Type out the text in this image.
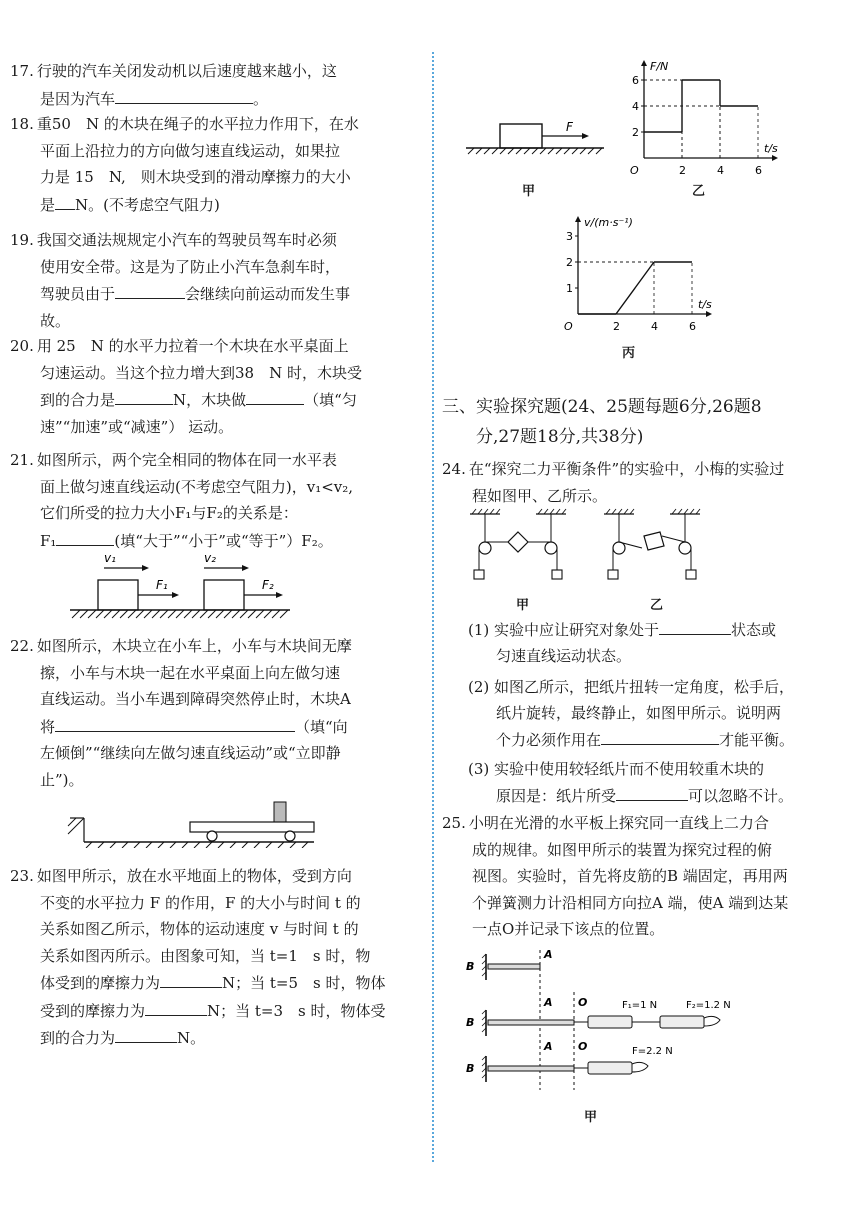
17. 行驶的汽车关闭发动机以后速度越来越小，这
是因为汽车	。
18. 重50　N 的木块在绳子的水平拉力作用下，在水
平面上沿拉力的方向做匀速直线运动，如果拉
力是 15　N,　则木块受到的滑动摩擦力的大小
是 N。(不考虑空气阻力)
19. 我国交通法规规定小汽车的驾驶员驾车时必须
使用安全带。这是为了防止小汽车急刹车时，
驾驶员由于	会继续向前运动而发生事
故。
20. 用 25　N 的水平力拉着一个木块在水平桌面上
匀速运动。当这个拉力增大到38　N 时，木块受
到的合力是	N，木块做	（填“匀
速”“加速”或“减速”） 运动。
21. 如图所示，两个完全相同的物体在同一水平表
面上做匀速直线运动(不考虑空气阻力)，v₁<v₂,
它们所受的拉力大小F₁与F₂的关系是：
F₁	(填“大于”“小于”或“等于”）F₂。
v₁
F₁
v₂
F₂
22. 如图所示，木块立在小车上，小车与木块间无摩
擦，小车与木块一起在水平桌面上向左做匀速
直线运动。当小车遇到障碍突然停止时，木块A
将	（填“向
左倾倒”“继续向左做匀速直线运动”或“立即静
止”)。
23. 如图甲所示，放在水平地面上的物体，受到方向
不变的水平拉力 F 的作用，F 的大小与时间 t 的
关系如图乙所示，物体的运动速度 v 与时间 t 的
关系如图丙所示。由图象可知，当 t=1　s 时，物
体受到的摩擦力为	N；当 t=5　s 时，物体
受到的摩擦力为	N；当 t=3　s 时，物体受
到的合力为	N。
F
甲
F/N
t/s
O	2	4	6
2
4
6
乙
v/(m·s⁻¹)
t/s
O	2	4	6
1
2
3
丙
三、实验探究题(24、25题每题6分,26题8
分,27题18分,共38分)
24. 在“探究二力平衡条件”的实验中，小梅的实验过
程如图甲、乙所示。
甲	乙
(1) 实验中应让研究对象处于	状态或
匀速直线运动状态。
(2) 如图乙所示，把纸片扭转一定角度，松手后，
纸片旋转，最终静止，如图甲所示。说明两
个力必须作用在	才能平衡。
(3) 实验中使用较轻纸片而不使用较重木块的
原因是：纸片所受	可以忽略不计。
25. 小明在光滑的水平板上探究同一直线上二力合
成的规律。如图甲所示的装置为探究过程的俯
视图。实验时，首先将皮筋的B 端固定，再用两
个弹簧测力计沿相同方向拉A 端，使A 端到达某
一点O并记录下该点的位置。
B
A
B
A O	F₁=1 N	F₂=1.2 N
B
A O	F=2.2 N
甲
